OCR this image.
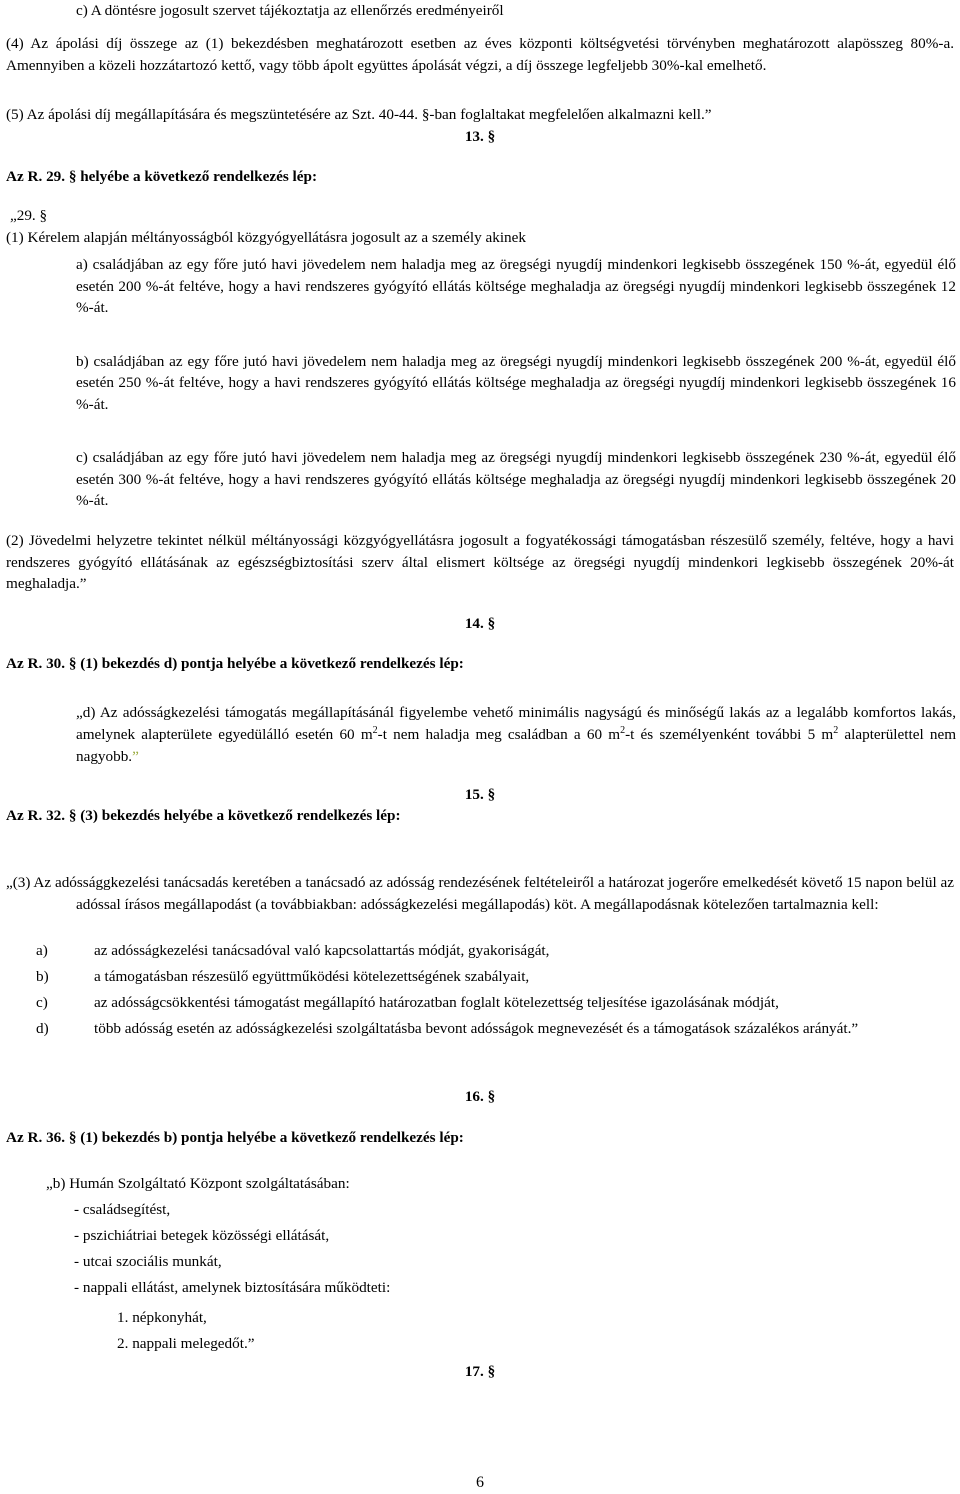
c) A döntésre jogosult szervet tájékoztatja az ellenőrzés eredményeiről
(4) Az ápolási díj összege az (1) bekezdésben meghatározott esetben az éves központi költségvetési törvényben meghatározott alapösszeg 80%-a. Amennyiben a közeli hozzátartozó kettő, vagy több ápolt együttes ápolását végzi, a díj összege legfeljebb 30%-kal emelhető.
(5) Az ápolási díj megállapítására és megszüntetésére az Szt. 40-44. §-ban foglaltakat megfelelően alkalmazni kell.”
13. §
Az R. 29. § helyébe a következő rendelkezés lép:
„29. §
(1) Kérelem alapján méltányosságból közgyógyellátásra jogosult az a személy akinek
a) családjában az egy főre jutó havi jövedelem nem haladja meg az öregségi nyugdíj mindenkori legkisebb összegének 150 %-át, egyedül élő esetén 200 %-át feltéve, hogy a havi rendszeres gyógyító ellátás költsége meghaladja az öregségi nyugdíj mindenkori legkisebb összegének 12 %-át.
b) családjában az egy főre jutó havi jövedelem nem haladja meg az öregségi nyugdíj mindenkori legkisebb összegének 200 %-át, egyedül élő esetén 250 %-át feltéve, hogy a havi rendszeres gyógyító ellátás költsége meghaladja az öregségi nyugdíj mindenkori legkisebb összegének 16 %-át.
c) családjában az egy főre jutó havi jövedelem nem haladja meg az öregségi nyugdíj mindenkori legkisebb összegének 230 %-át, egyedül élő esetén 300 %-át feltéve, hogy a havi rendszeres gyógyító ellátás költsége meghaladja az öregségi nyugdíj mindenkori legkisebb összegének 20 %-át.
(2) Jövedelmi helyzetre tekintet nélkül méltányossági közgyógyellátásra jogosult a fogyatékossági támogatásban részesülő személy, feltéve, hogy a havi rendszeres gyógyító ellátásának az egészségbiztosítási szerv által elismert költsége az öregségi nyugdíj mindenkori legkisebb összegének 20%-át meghaladja.”
14. §
Az R. 30. § (1) bekezdés d) pontja helyébe a következő rendelkezés lép:
„d) Az adósságkezelési támogatás megállapításánál figyelembe vehető minimális nagyságú és minőségű lakás az a legalább komfortos lakás, amelynek alapterülete egyedülálló esetén 60 $m^2-t$ nem haladja meg családban a 60 $m^2-t$ és személyenként további 5 $m^2$ alapterülettel nem nagyobb.”
15. §
Az R. 32. § (3) bekezdés helyébe a következő rendelkezés lép:
„(3) Az adóssággkezelési tanácsadás keretében a tanácsadó az adósság rendezésének feltételeiről a határozat jogerőre emelkedését követő 15 napon belül az adóssal írásos megállapodást (a továbbiakban: adósságkezelési megállapodás) köt. A megállapodásnak kötelezően tartalmaznia kell:
a)	az adósságkezelési tanácsadóval való kapcsolattartás módját, gyakoriságát,
b)	a támogatásban részesülő együttműködési kötelezettségének szabályait,
c)	az adósságcsökkentési támogatást megállapító határozatban foglalt kötelezettség teljesítése igazolásának módját,
d)	több adósság esetén az adósságkezelési szolgáltatásba bevont adósságok megnevezését és a támogatások százalékos arányát.”
16. §
Az R. 36. § (1) bekezdés b) pontja helyébe a következő rendelkezés lép:
„b) Humán Szolgáltató Központ szolgáltatásában:
- családsegítést,
- pszichiátriai betegek közösségi ellátását,
- utcai szociális munkát,
- nappali ellátást, amelynek biztosítására működteti:
1. népkonyhát,
2. nappali melegedőt.”
17. §
6
